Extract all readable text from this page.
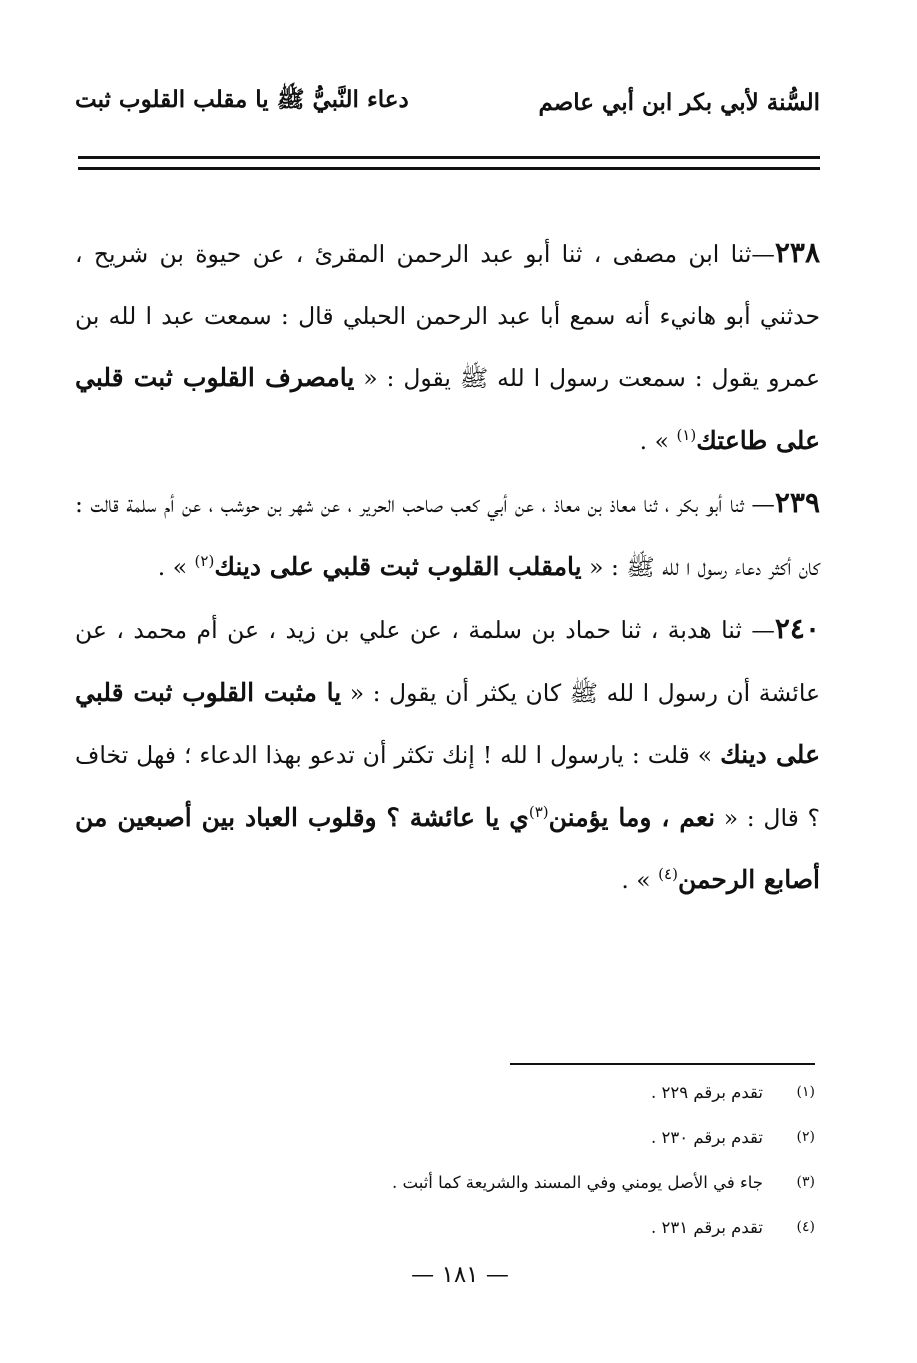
السُّنة لأبي بكر ابن أبي عاصم
دعاء النَّبيُّ ﷺ يا مقلب القلوب ثبت

٢٣٨—ثنا ابن مصفى ، ثنا أبو عبد الرحمن المقرئ ، عن حيوة بن شريح ، حدثني أبو هانيء أنه سمع أبا عبد الرحمن الحبلي قال : سمعت عبد ا لله بن عمرو يقول : سمعت رسول ا لله ﷺ يقول : « يامصرف القلوب ثبت قلبي على طاعتك$^{(١)}$ » .

٢٣٩— ثنا أبو بكر ، ثنا معاذ بن معاذ ، عن أبي كعب صاحب الحرير ، عن شهر بن حوشب ، عن أم سلمة قالت : كان أكثر دعاء رسول ا لله ﷺ : « يامقلب القلوب ثبت قلبي على دينك$^{(٢)}$ » .

٢٤٠— ثنا هدبة ، ثنا حماد بن سلمة ، عن علي بن زيد ، عن أم محمد ، عن عائشة أن رسول ا لله ﷺ كان يكثر أن يقول : « يا مثبت القلوب ثبت قلبي على دينك » قلت : يارسول ا لله ! إنك تكثر أن تدعو بهذا الدعاء ؛ فهل تخاف ؟ قال : « نعم ، وما يؤمنن$^{(٣)}$ي يا عائشة ؟ وقلوب العباد بين أصبعين من أصابع الرحمن$^{(٤)}$ » .

(١)
تقدم برقم ٢٢٩ .
(٢)
تقدم برقم ٢٣٠ .
(٣)
جاء في الأصل يومني وفي المسند والشريعة كما أثبت .
(٤)
تقدم برقم ٢٣١ .
— ١٨١ —
